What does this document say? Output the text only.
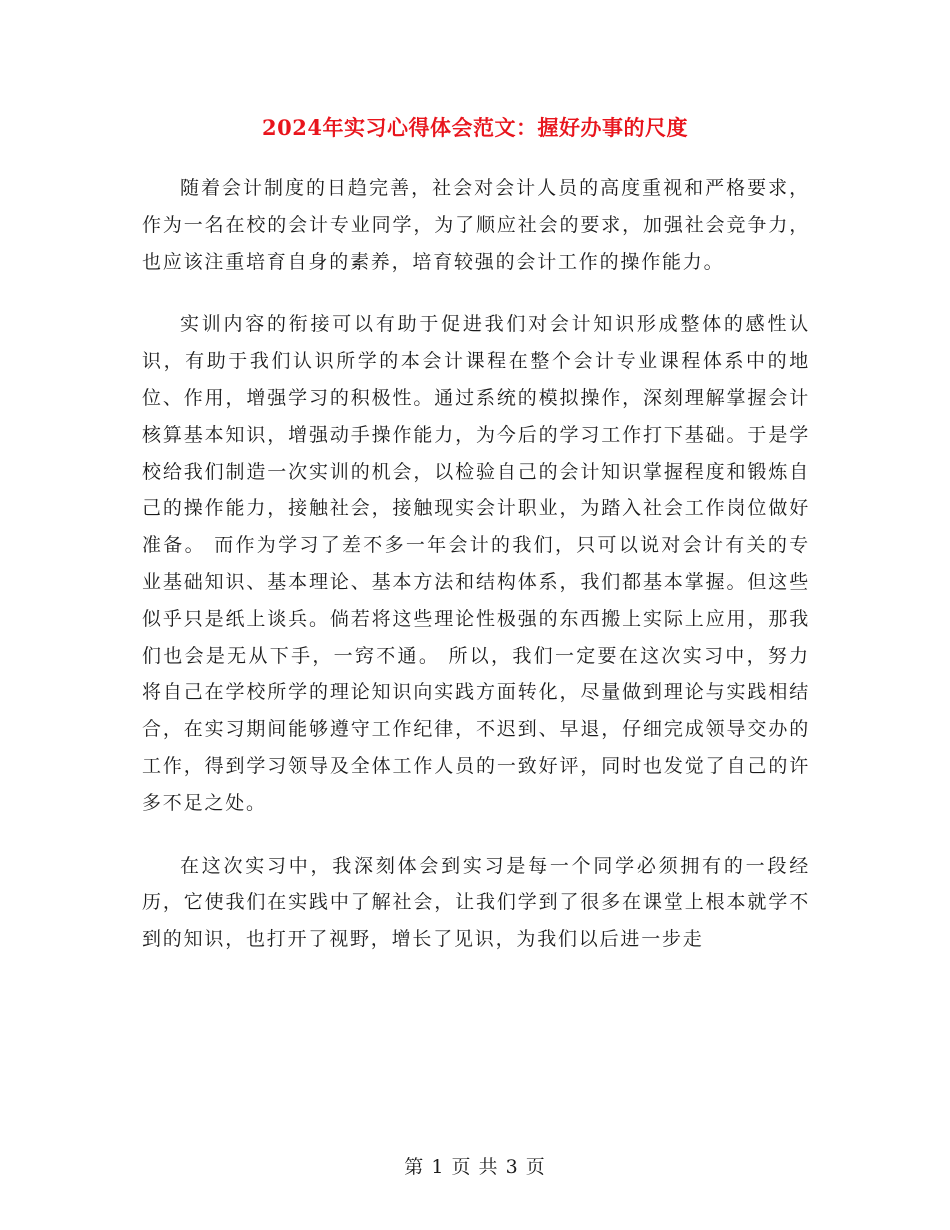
2024年实习心得体会范文：握好办事的尺度

随着会计制度的日趋完善，社会对会计人员的高度重视和严格要求，作为一名在校的会计专业同学，为了顺应社会的要求，加强社会竞争力，也应该注重培育自身的素养，培育较强的会计工作的操作能力。

实训内容的衔接可以有助于促进我们对会计知识形成整体的感性认识，有助于我们认识所学的本会计课程在整个会计专业课程体系中的地位、作用，增强学习的积极性。通过系统的模拟操作，深刻理解掌握会计核算基本知识，增强动手操作能力，为今后的学习工作打下基础。于是学校给我们制造一次实训的机会，以检验自己的会计知识掌握程度和锻炼自己的操作能力，接触社会，接触现实会计职业，为踏入社会工作岗位做好准备。 而作为学习了差不多一年会计的我们，只可以说对会计有关的专业基础知识、基本理论、基本方法和结构体系，我们都基本掌握。但这些似乎只是纸上谈兵。倘若将这些理论性极强的东西搬上实际上应用，那我们也会是无从下手，一窍不通。 所以，我们一定要在这次实习中，努力将自己在学校所学的理论知识向实践方面转化，尽量做到理论与实践相结合，在实习期间能够遵守工作纪律，不迟到、早退，仔细完成领导交办的工作，得到学习领导及全体工作人员的一致好评，同时也发觉了自己的许多不足之处。

在这次实习中，我深刻体会到实习是每一个同学必须拥有的一段经历，它使我们在实践中了解社会，让我们学到了很多在课堂上根本就学不到的知识，也打开了视野，增长了见识，为我们以后进一步走

第 1 页 共 3 页
